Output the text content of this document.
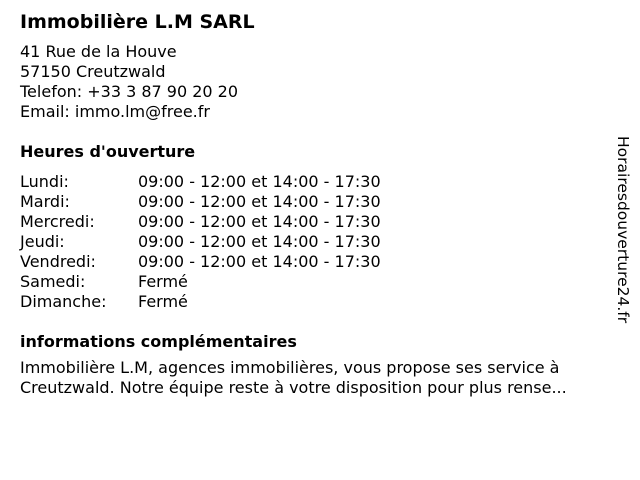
Immobilière L.M SARL
41 Rue de la Houve
57150 Creutzwald
Telefon: +33 3 87 90 20 20
Email: immo.lm@free.fr
Heures d'ouverture
Lundi:	09:00 - 12:00 et 14:00 - 17:30
Mardi:	09:00 - 12:00 et 14:00 - 17:30
Mercredi:	09:00 - 12:00 et 14:00 - 17:30
Jeudi:	09:00 - 12:00 et 14:00 - 17:30
Vendredi:	09:00 - 12:00 et 14:00 - 17:30
Samedi:	Fermé
Dimanche: Fermé
informations complémentaires
Immobilière L.M, agences immobilières, vous propose ses service à
Creutzwald. Notre équipe reste à votre disposition pour plus rense...
Horairesdouverture24.fr
